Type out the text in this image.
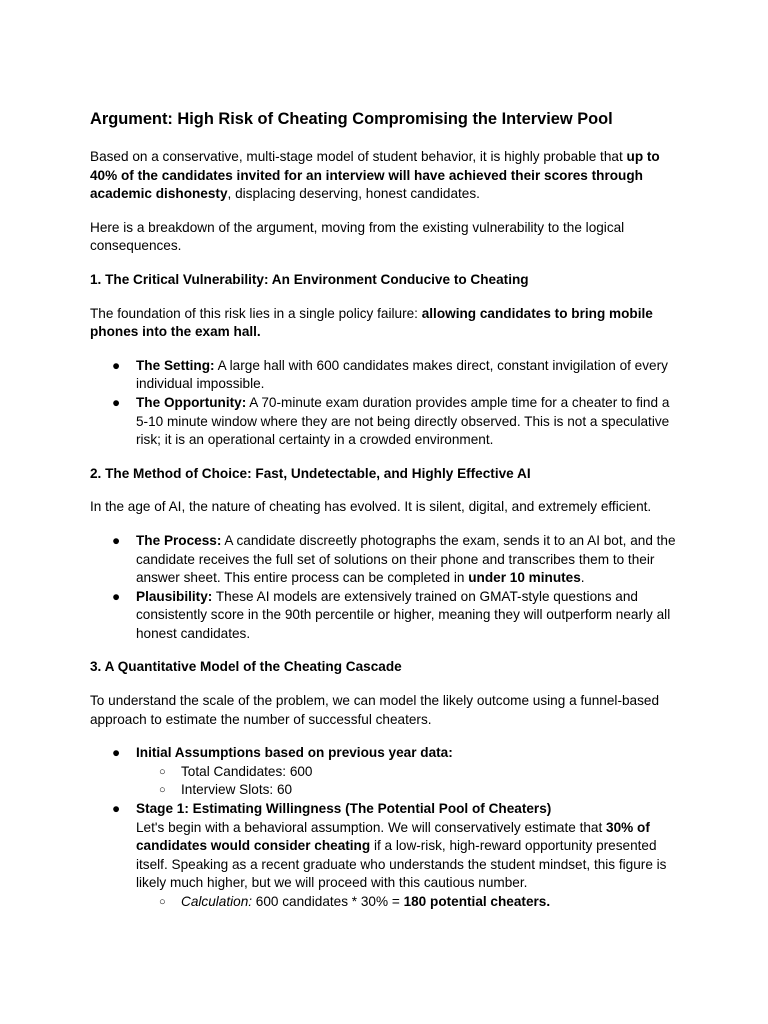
Argument: High Risk of Cheating Compromising the Interview Pool

Based on a conservative, multi-stage model of student behavior, it is highly probable that up to 40% of the candidates invited for an interview will have achieved their scores through academic dishonesty, displacing deserving, honest candidates.

Here is a breakdown of the argument, moving from the existing vulnerability to the logical consequences.

1. The Critical Vulnerability: An Environment Conducive to Cheating

The foundation of this risk lies in a single policy failure: allowing candidates to bring mobile phones into the exam hall.

● The Setting: A large hall with 600 candidates makes direct, constant invigilation of every individual impossible.
● The Opportunity: A 70-minute exam duration provides ample time for a cheater to find a 5-10 minute window where they are not being directly observed. This is not a speculative risk; it is an operational certainty in a crowded environment.
2. The Method of Choice: Fast, Undetectable, and Highly Effective AI

In the age of AI, the nature of cheating has evolved. It is silent, digital, and extremely efficient.

● The Process: A candidate discreetly photographs the exam, sends it to an AI bot, and the candidate receives the full set of solutions on their phone and transcribes them to their answer sheet. This entire process can be completed in under 10 minutes.
● Plausibility: These AI models are extensively trained on GMAT-style questions and consistently score in the 90th percentile or higher, meaning they will outperform nearly all honest candidates.
3. A Quantitative Model of the Cheating Cascade

To understand the scale of the problem, we can model the likely outcome using a funnel-based approach to estimate the number of successful cheaters.

● Initial Assumptions based on previous year data:
○ Total Candidates: 600
○ Interview Slots: 60
● Stage 1: Estimating Willingness (The Potential Pool of Cheaters)
Let's begin with a behavioral assumption. We will conservatively estimate that 30% of candidates would consider cheating if a low-risk, high-reward opportunity presented itself. Speaking as a recent graduate who understands the student mindset, this figure is likely much higher, but we will proceed with this cautious number.
○ Calculation: 600 candidates * 30% = 180 potential cheaters.
